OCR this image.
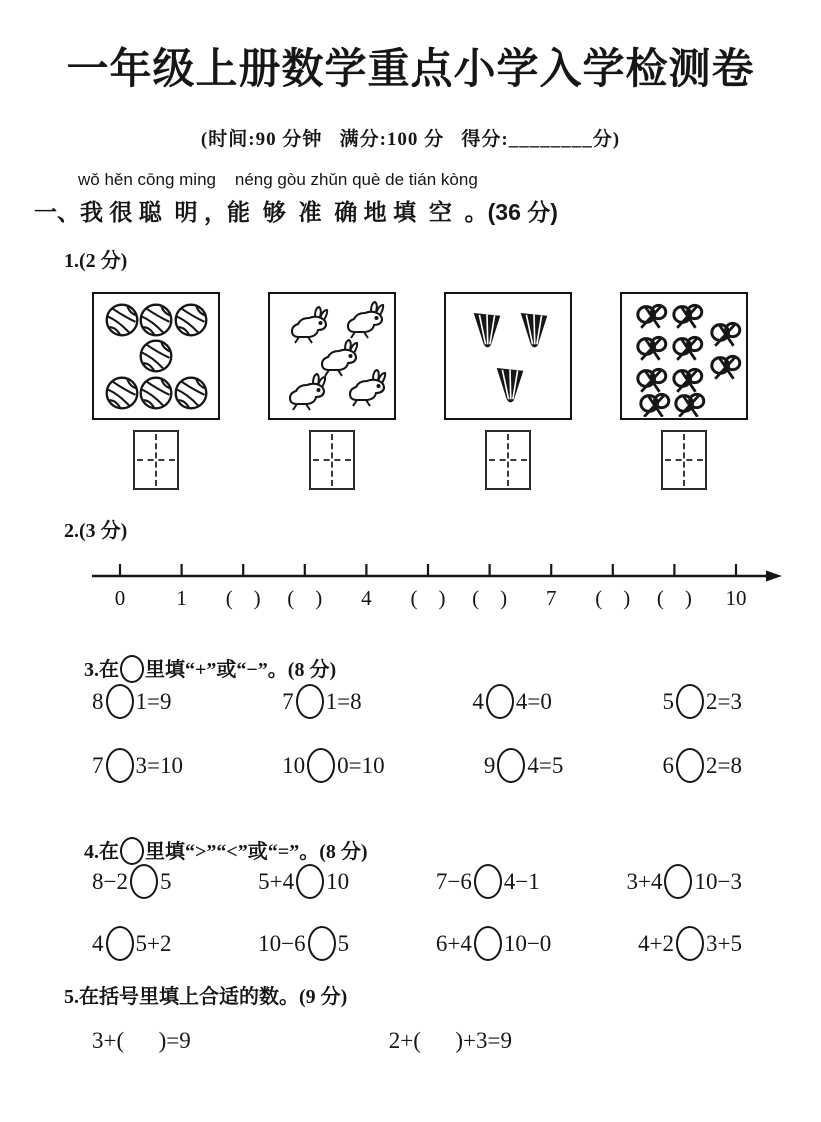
一年级上册数学重点小学入学检测卷
(时间:90 分钟   满分:100 分   得分:________分)
wǒ hěn cōng ming    néng gòu zhǔn què de tián kòng
一、我 很 聪  明 ，能  够  准  确 地 填  空  。(36 分)
1.(2 分)
2.(3 分)
0 1 (    ) (    ) 4 (    ) (    ) 7 (    ) (    ) 10

3.在 里填“+”或“−”。(8 分)

8 1=9	7 1=8	4 4=0	5 2=3
7 3=10	10 0=10	9 4=5	6 2=8

4.在 里填“>”“<”或“=”。(8 分)

8−2 5	5+4 10	7−6 4−1	3+4 10−3
4 5+2	10−6 5	6+4 10−0	4+2 3+5
5.在括号里填上合适的数。(9 分)
3+(      )=9	2+(      )+3=9
